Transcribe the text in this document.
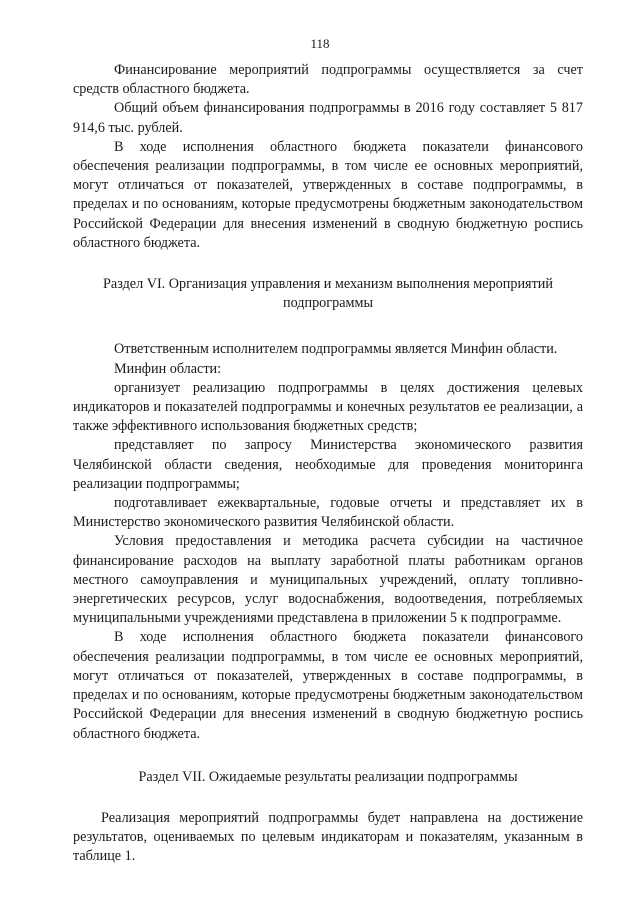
118

Финансирование мероприятий подпрограммы осуществляется за счет средств областного бюджета.

Общий объем финансирования подпрограммы в 2016 году составляет 5 817 914,6 тыс. рублей.

В ходе исполнения областного бюджета показатели финансового обеспечения реализации подпрограммы, в том числе ее основных мероприятий, могут отличаться от показателей, утвержденных в составе подпрограммы, в пределах и по основаниям, которые предусмотрены бюджетным законодательством Российской Федерации для внесения изменений в сводную бюджетную роспись областного бюджета.

Раздел VI. Организация управления и механизм выполнения мероприятий
подпрограммы

Ответственным исполнителем подпрограммы является Минфин области.

Минфин области:

организует реализацию подпрограммы в целях достижения целевых индикаторов и показателей подпрограммы и конечных результатов ее реализации, а также эффективного использования бюджетных средств;

представляет по запросу Министерства экономического развития Челябинской области сведения, необходимые для проведения мониторинга реализации подпрограммы;

подготавливает ежеквартальные, годовые отчеты и представляет их в Министерство экономического развития Челябинской области.

Условия предоставления и методика расчета субсидии на частичное финансирование расходов на выплату заработной платы работникам органов местного самоуправления и муниципальных учреждений, оплату топливно-энергетических ресурсов, услуг водоснабжения, водоотведения, потребляемых муниципальными учреждениями представлена в приложении 5 к подпрограмме.

В ходе исполнения областного бюджета показатели финансового обеспечения реализации подпрограммы, в том числе ее основных мероприятий, могут отличаться от показателей, утвержденных в составе подпрограммы, в пределах и по основаниям, которые предусмотрены бюджетным законодательством Российской Федерации для внесения изменений в сводную бюджетную роспись областного бюджета.

Раздел VII. Ожидаемые результаты реализации подпрограммы

Реализация мероприятий подпрограммы будет направлена на достижение результатов, оцениваемых по целевым индикаторам и показателям, указанным в таблице 1.
